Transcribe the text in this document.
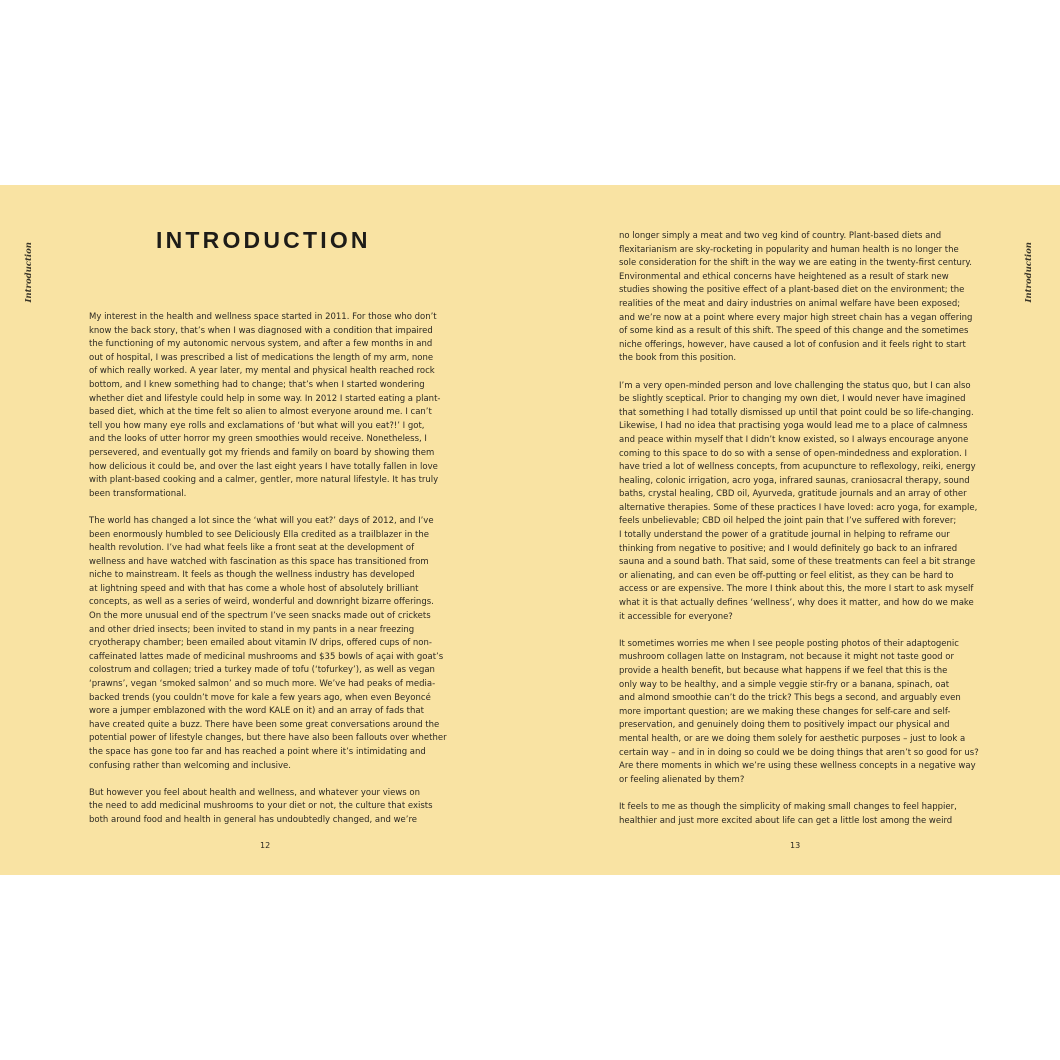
Introduction
INTRODUCTION

My interest in the health and wellness space started in 2011. For those who don’t
know the back story, that’s when I was diagnosed with a condition that impaired
the functioning of my autonomic nervous system, and after a few months in and
out of hospital, I was prescribed a list of medications the length of my arm, none
of which really worked. A year later, my mental and physical health reached rock
bottom, and I knew something had to change; that’s when I started wondering
whether diet and lifestyle could help in some way. In 2012 I started eating a plant-
based diet, which at the time felt so alien to almost everyone around me. I can’t
tell you how many eye rolls and exclamations of ‘but what will you eat?!’ I got,
and the looks of utter horror my green smoothies would receive. Nonetheless, I
persevered, and eventually got my friends and family on board by showing them
how delicious it could be, and over the last eight years I have totally fallen in love
with plant-based cooking and a calmer, gentler, more natural lifestyle. It has truly
been transformational.

The world has changed a lot since the ‘what will you eat?’ days of 2012, and I’ve
been enormously humbled to see Deliciously Ella credited as a trailblazer in the
health revolution. I’ve had what feels like a front seat at the development of
wellness and have watched with fascination as this space has transitioned from
niche to mainstream. It feels as though the wellness industry has developed
at lightning speed and with that has come a whole host of absolutely brilliant
concepts, as well as a series of weird, wonderful and downright bizarre offerings.
On the more unusual end of the spectrum I’ve seen snacks made out of crickets
and other dried insects; been invited to stand in my pants in a near freezing
cryotherapy chamber; been emailed about vitamin IV drips, offered cups of non-
caffeinated lattes made of medicinal mushrooms and $35 bowls of açai with goat’s
colostrum and collagen; tried a turkey made of tofu (‘tofurkey’), as well as vegan
‘prawns’, vegan ‘smoked salmon’ and so much more. We’ve had peaks of media-
backed trends (you couldn’t move for kale a few years ago, when even Beyoncé
wore a jumper emblazoned with the word KALE on it) and an array of fads that
have created quite a buzz. There have been some great conversations around the
potential power of lifestyle changes, but there have also been fallouts over whether
the space has gone too far and has reached a point where it’s intimidating and
confusing rather than welcoming and inclusive.

But however you feel about health and wellness, and whatever your views on
the need to add medicinal mushrooms to your diet or not, the culture that exists
both around food and health in general has undoubtedly changed, and we’re

12
Introduction

no longer simply a meat and two veg kind of country. Plant-based diets and
flexitarianism are sky-rocketing in popularity and human health is no longer the
sole consideration for the shift in the way we are eating in the twenty-first century.
Environmental and ethical concerns have heightened as a result of stark new
studies showing the positive effect of a plant-based diet on the environment; the
realities of the meat and dairy industries on animal welfare have been exposed;
and we’re now at a point where every major high street chain has a vegan offering
of some kind as a result of this shift. The speed of this change and the sometimes
niche offerings, however, have caused a lot of confusion and it feels right to start
the book from this position.

I’m a very open-minded person and love challenging the status quo, but I can also
be slightly sceptical. Prior to changing my own diet, I would never have imagined
that something I had totally dismissed up until that point could be so life-changing.
Likewise, I had no idea that practising yoga would lead me to a place of calmness
and peace within myself that I didn’t know existed, so I always encourage anyone
coming to this space to do so with a sense of open-mindedness and exploration. I
have tried a lot of wellness concepts, from acupuncture to reflexology, reiki, energy
healing, colonic irrigation, acro yoga, infrared saunas, craniosacral therapy, sound
baths, crystal healing, CBD oil, Ayurveda, gratitude journals and an array of other
alternative therapies. Some of these practices I have loved: acro yoga, for example,
feels unbelievable; CBD oil helped the joint pain that I’ve suffered with forever;
I totally understand the power of a gratitude journal in helping to reframe our
thinking from negative to positive; and I would definitely go back to an infrared
sauna and a sound bath. That said, some of these treatments can feel a bit strange
or alienating, and can even be off-putting or feel elitist, as they can be hard to
access or are expensive. The more I think about this, the more I start to ask myself
what it is that actually defines ‘wellness’, why does it matter, and how do we make
it accessible for everyone?

It sometimes worries me when I see people posting photos of their adaptogenic
mushroom collagen latte on Instagram, not because it might not taste good or
provide a health benefit, but because what happens if we feel that this is the
only way to be healthy, and a simple veggie stir-fry or a banana, spinach, oat
and almond smoothie can’t do the trick? This begs a second, and arguably even
more important question; are we making these changes for self-care and self-
preservation, and genuinely doing them to positively impact our physical and
mental health, or are we doing them solely for aesthetic purposes – just to look a
certain way – and in in doing so could we be doing things that aren’t so good for us?
Are there moments in which we’re using these wellness concepts in a negative way
or feeling alienated by them?

It feels to me as though the simplicity of making small changes to feel happier,
healthier and just more excited about life can get a little lost among the weird

13
